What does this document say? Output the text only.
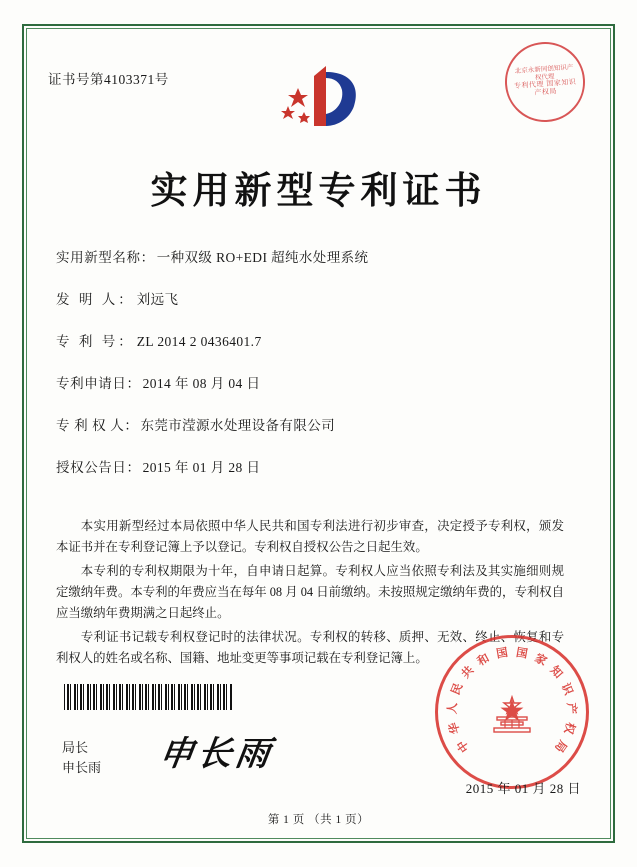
证书号第4103371号
北京永新同创知识产权代理
专利代理 国家知识产权局
实用新型专利证书
实用新型名称： 一种双级 RO+EDI 超纯水处理系统
发 明 人： 刘远飞
专 利 号： ZL 2014 2 0436401.7
专利申请日： 2014 年 08 月 04 日
专 利 权 人： 东莞市滢源水处理设备有限公司
授权公告日： 2015 年 01 月 28 日

本实用新型经过本局依照中华人民共和国专利法进行初步审查，决定授予专利权，颁发本证书并在专利登记簿上予以登记。专利权自授权公告之日起生效。

本专利的专利权期限为十年，自申请日起算。专利权人应当依照专利法及其实施细则规定缴纳年费。本专利的年费应当在每年 08 月 04 日前缴纳。未按照规定缴纳年费的，专利权自应当缴纳年费期满之日起终止。

专利证书记载专利权登记时的法律状况。专利权的转移、质押、无效、终止、恢复和专利权人的姓名或名称、国籍、地址变更等事项记载在专利登记簿上。

局长
申长雨 申长雨	中
华
人
民
共
和 国 国 家
知
识
产
权
局
★
2015 年 01 月 28 日
第 1 页 （共 1 页）
